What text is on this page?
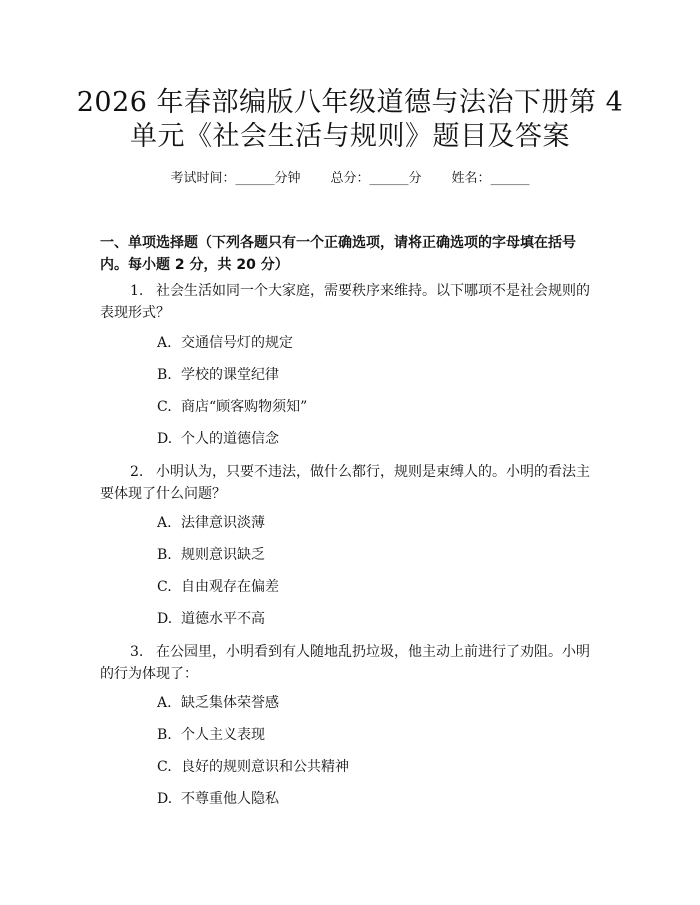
2026 年春部编版八年级道德与法治下册第 4
单元《社会生活与规则》题目及答案
考试时间：______分钟 总分：______分 姓名：______
一、单项选择题（下列各题只有一个正确选项，请将正确选项的字母填在括号内。每小题 2 分，共 20 分）
1. 社会生活如同一个大家庭，需要秩序来维持。以下哪项不是社会规则的表现形式？
A. 交通信号灯的规定
B. 学校的课堂纪律
C. 商店“顾客购物须知”
D. 个人的道德信念
2. 小明认为，只要不违法，做什么都行，规则是束缚人的。小明的看法主要体现了什么问题？
A. 法律意识淡薄
B. 规则意识缺乏
C. 自由观存在偏差
D. 道德水平不高
3. 在公园里，小明看到有人随地乱扔垃圾，他主动上前进行了劝阻。小明的行为体现了：
A. 缺乏集体荣誉感
B. 个人主义表现
C. 良好的规则意识和公共精神
D. 不尊重他人隐私
